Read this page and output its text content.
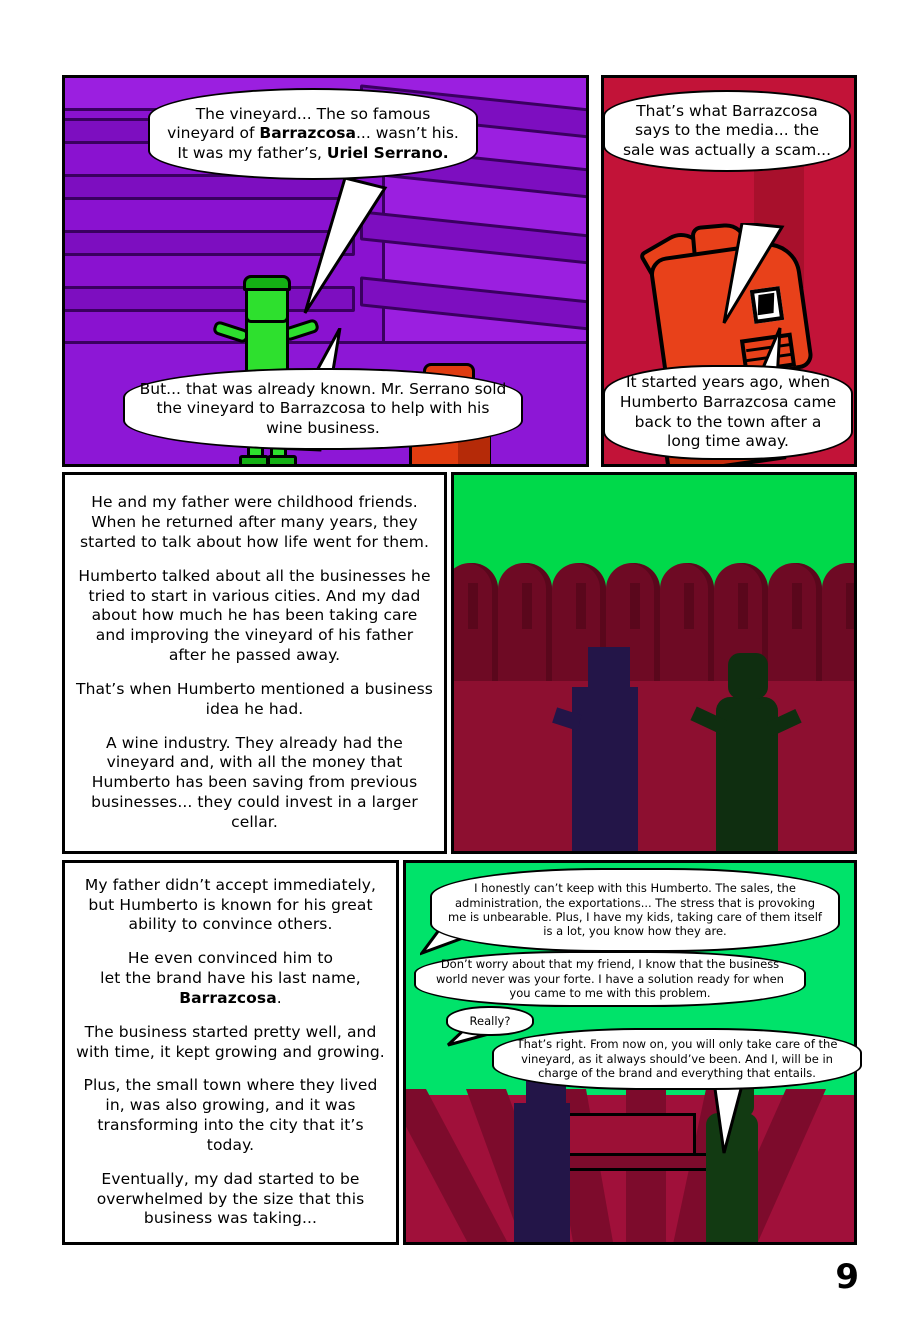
The vineyard... The so famous
vineyard of Barrazcosa... wasn’t his.
It was my father’s, Uriel Serrano.
But... that was already known. Mr. Serrano sold the vineyard to Barrazcosa to help with his wine business.
That’s what Barrazcosa says to the media... the sale was actually a scam...
It started years ago, when Humberto Barrazcosa came back to the town after a long time away.

He and my father were childhood friends. When he returned after many years, they started to talk about how life went for them.

Humberto talked about all the businesses he tried to start in various cities. And my dad about how much he has been taking care and improving the vineyard of his father after he passed away.

That’s when Humberto mentioned a business idea he had.

A wine industry. They already had the vineyard and, with all the money that Humberto has been saving from previous businesses... they could invest in a larger cellar.

My father didn’t accept immediately, but Humberto is known for his great ability to convince others.

He even convinced him to
let the brand have his last name,
Barrazcosa.

The business started pretty well, and with time, it kept growing and growing.

Plus, the small town where they lived in, was also growing, and it was transforming into the city that it’s today.

Eventually, my dad started to be overwhelmed by the size that this business was taking...

I honestly can’t keep with this Humberto. The sales, the administration, the exportations... The stress that is provoking me is unbearable. Plus, I have my kids, taking care of them itself is a lot, you know how they are.
Don’t worry about that my friend, I know that the business world never was your forte. I have a solution ready for when you came to me with this problem.
Really?
That’s right. From now on, you will only take care of the vineyard, as it always should’ve been. And I, will be in charge of the brand and everything that entails.
9
